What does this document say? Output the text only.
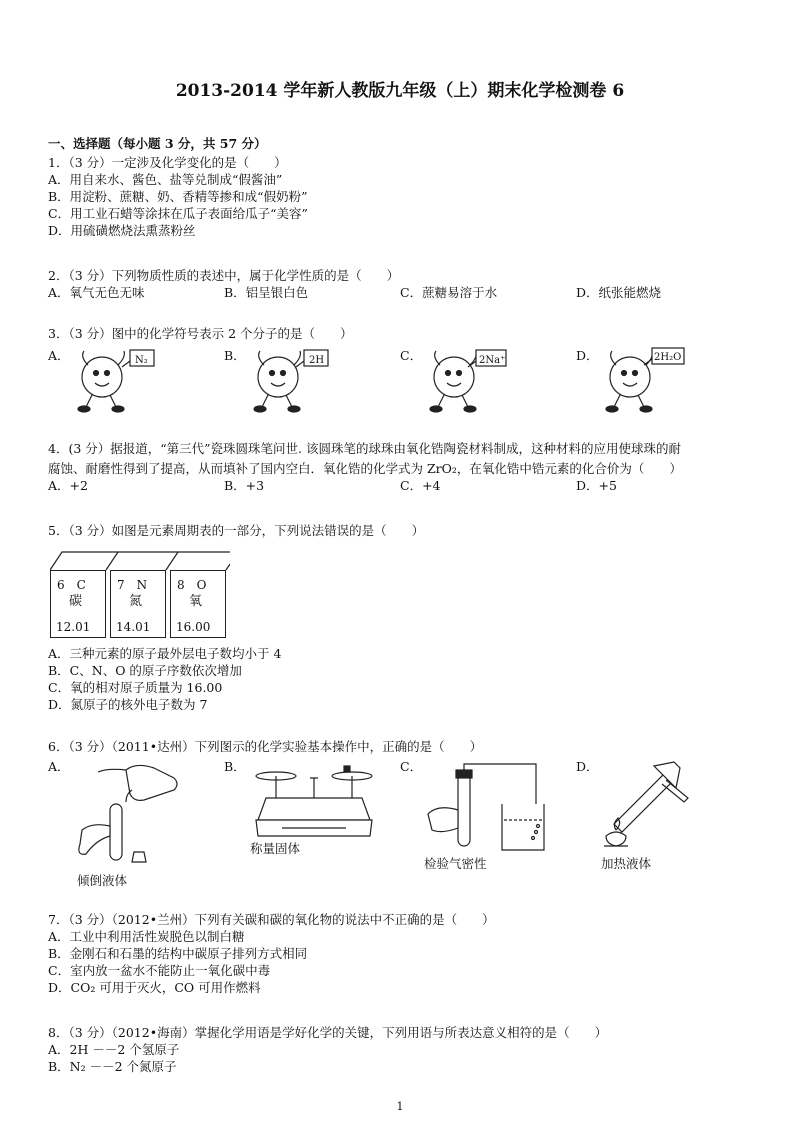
2013-2014 学年新人教版九年级（上）期末化学检测卷 6
一、选择题（每小题 3 分，共 57 分）
1．（3 分）一定涉及化学变化的是（　　）
A．用自来水、酱色、盐等兑制成“假酱油”
B．用淀粉、蔗糖、奶、香精等掺和成“假奶粉”
C．用工业石蜡等涂抹在瓜子表面给瓜子“美容”
D．用硫磺燃烧法熏蒸粉丝
2．（3 分）下列物质性质的表述中，属于化学性质的是（　　）
A．氧气无色无味	B．铝呈银白色	C．蔗糖易溶于水	D．纸张能燃烧
3．（3 分）图中的化学符号表示 2 个分子的是（　　）
A．	B．	C．	D．
N₂	2H	2Na⁺	2H₂O
4．(3 分）据报道，“第三代”瓷珠圆珠笔问世. 该圆珠笔的球珠由氧化锆陶瓷材料制成，这种材料的应用使球珠的耐
腐蚀、耐磨性得到了提高，从而填补了国内空白．氧化锆的化学式为 ZrO₂，在氧化锆中锆元素的化合价为（　　）
A．+2	B．+3	C．+4	D．+5
5．（3 分）如图是元素周期表的一部分，下列说法错误的是（　　）
6　C
碳
12.01
7　N
氮
14.01
8　O
氧
16.00
A．三种元素的原子最外层电子数均小于 4
B．C、N、O 的原子序数依次增加
C．氧的相对原子质量为 16.00
D．氮原子的核外电子数为 7
6．（3 分）（2011•达州）下列图示的化学实验基本操作中，正确的是（　　）
A．	B．	C．	D．
倾倒液体
称量固体
检验气密性	加热液体
7．（3 分）（2012•兰州）下列有关碳和碳的氧化物的说法中不正确的是（　　）
A．工业中利用活性炭脱色以制白糖
B．金刚石和石墨的结构中碳原子排列方式相同
C．室内放一盆水不能防止一氧化碳中毒
D．CO₂ 可用于灭火，CO 可用作燃料
8．（3 分）（2012•海南）掌握化学用语是学好化学的关键，下列用语与所表达意义相符的是（　　）
A．2H －－2 个氢原子
B．N₂ －－2 个氮原子
1
